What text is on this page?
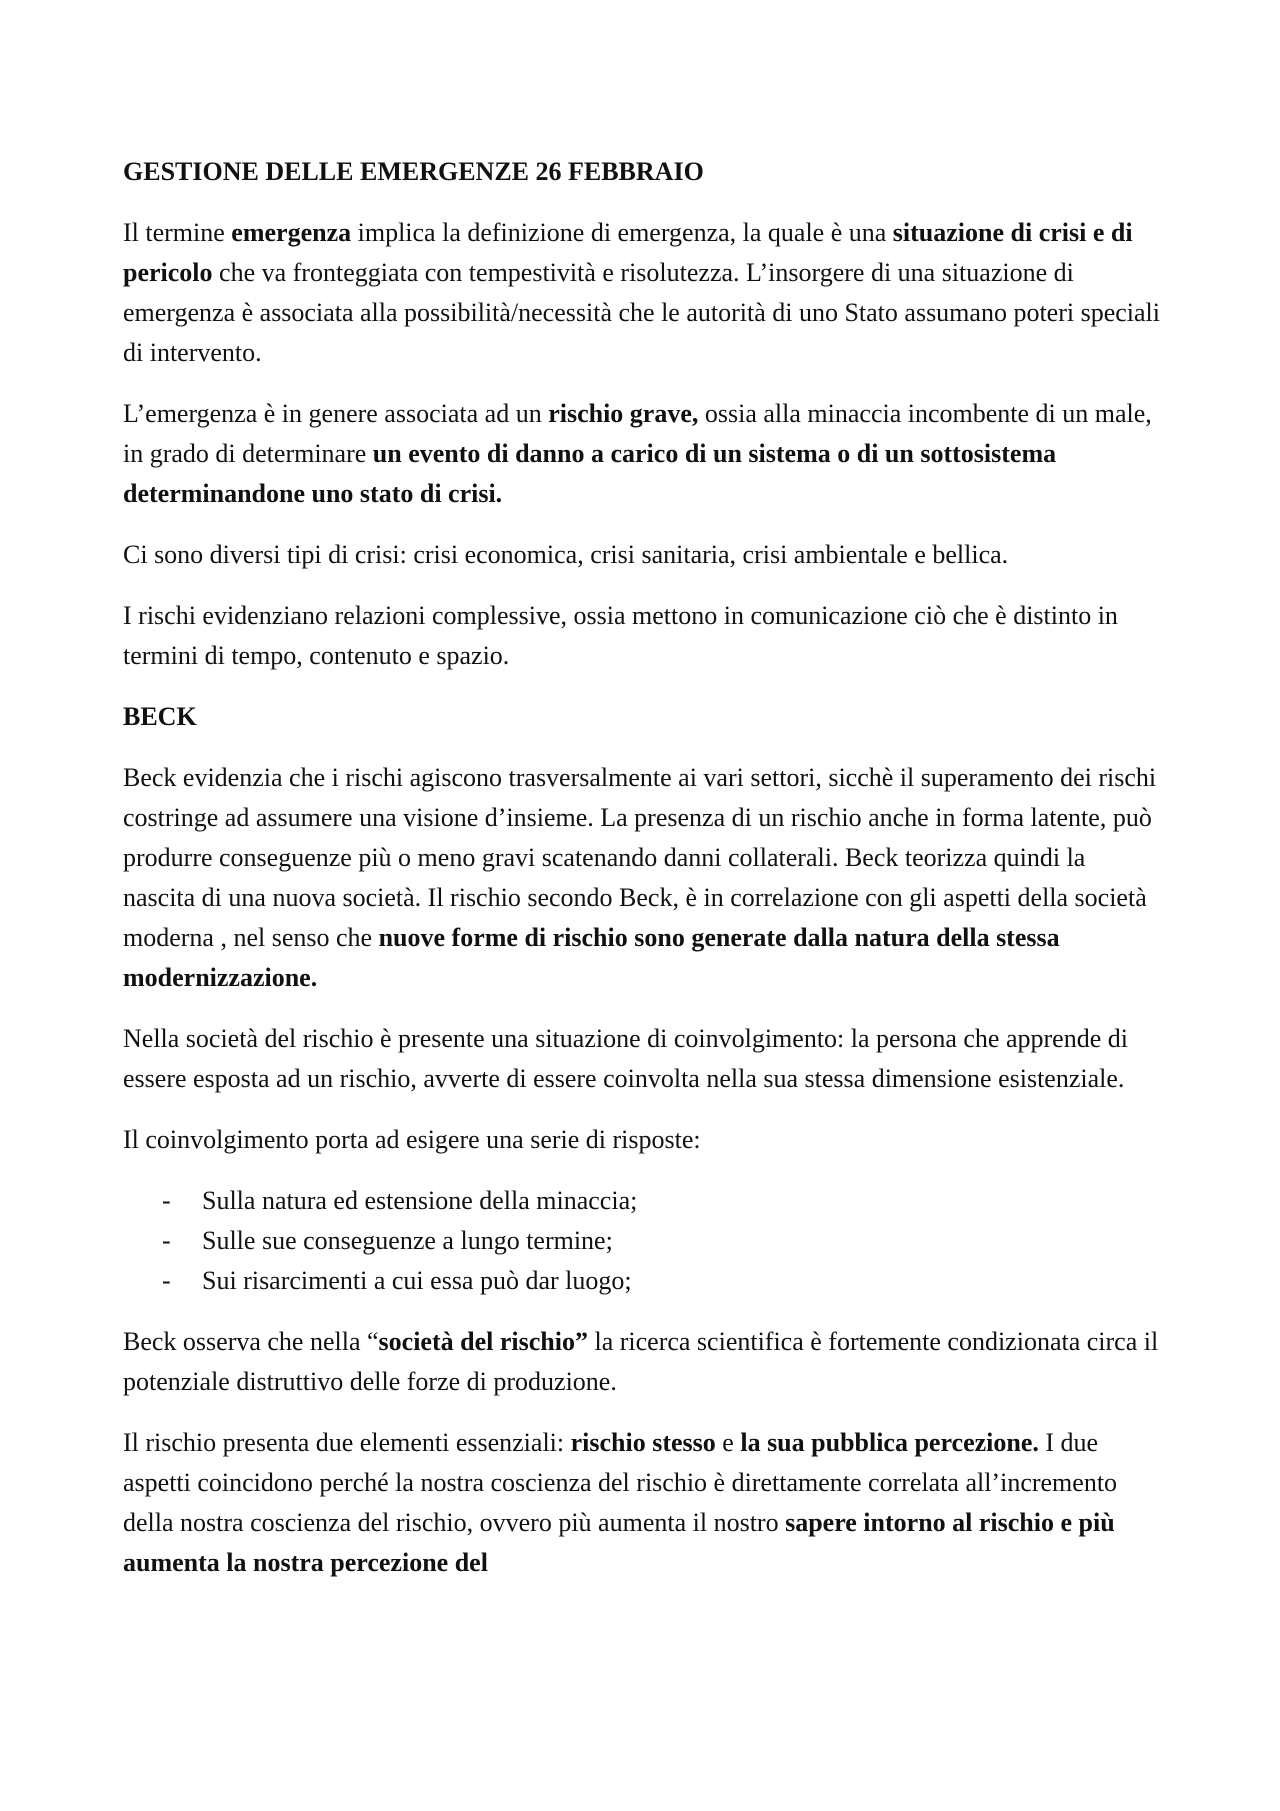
GESTIONE DELLE EMERGENZE 26 FEBBRAIO

Il termine emergenza implica la definizione di emergenza, la quale è una situazione di crisi e di pericolo che va fronteggiata con tempestività e risolutezza. L’insorgere di una situazione di emergenza è associata alla possibilità/necessità che le autorità di uno Stato assumano poteri speciali di intervento.

L’emergenza è in genere associata ad un rischio grave, ossia alla minaccia incombente di un male, in grado di determinare un evento di danno a carico di un sistema o di un sottosistema determinandone uno stato di crisi.

Ci sono diversi tipi di crisi: crisi economica, crisi sanitaria, crisi ambientale e bellica.

I rischi evidenziano relazioni complessive, ossia mettono in comunicazione ciò che è distinto in termini di tempo, contenuto e spazio.

BECK

Beck evidenzia che i rischi agiscono trasversalmente ai vari settori, sicchè il superamento dei rischi costringe ad assumere una visione d’insieme. La presenza di un rischio anche in forma latente, può produrre conseguenze più o meno gravi scatenando danni collaterali. Beck teorizza quindi la nascita di una nuova società. Il rischio secondo Beck, è in correlazione con gli aspetti della società moderna , nel senso che nuove forme di rischio sono generate dalla natura della stessa modernizzazione.

Nella società del rischio è presente una situazione di coinvolgimento: la persona che apprende di essere esposta ad un rischio, avverte di essere coinvolta nella sua stessa dimensione esistenziale.

Il coinvolgimento porta ad esigere una serie di risposte:

- Sulla natura ed estensione della minaccia;
- Sulle sue conseguenze a lungo termine;
- Sui risarcimenti a cui essa può dar luogo;

Beck osserva che nella “società del rischio” la ricerca scientifica è fortemente condizionata circa il potenziale distruttivo delle forze di produzione.

Il rischio presenta due elementi essenziali: rischio stesso e la sua pubblica percezione. I due aspetti coincidono perché la nostra coscienza del rischio è direttamente correlata all’incremento della nostra coscienza del rischio, ovvero più aumenta il nostro sapere intorno al rischio e più aumenta la nostra percezione del
